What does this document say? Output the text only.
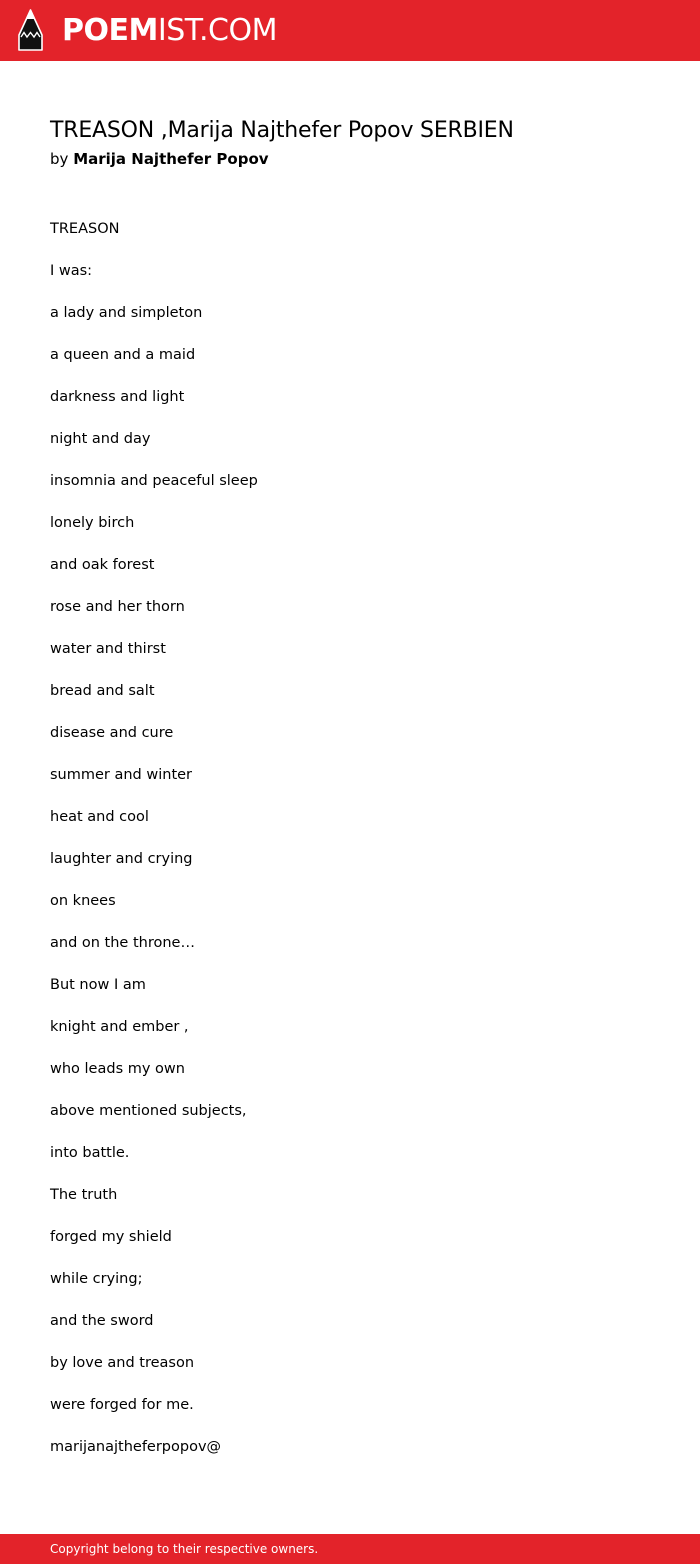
POEMIST.COM
TREASON ,Marija Najthefer Popov SERBIEN
by Marija Najthefer Popov
TREASON
I was:
a lady and simpleton
a queen and a maid
darkness and light
night and day
insomnia and peaceful sleep
lonely birch
and oak forest
rose and her thorn
water and thirst
bread and salt
disease and cure
summer and winter
heat and cool
laughter and crying
on knees
and on the throne…
But now I am
knight and ember ,
who leads my own
above mentioned subjects,
into battle.
The truth
forged my shield
while crying;
and the sword
by love and treason
were forged for me.
marijanajtheferpopov@
Copyright belong to their respective owners.
